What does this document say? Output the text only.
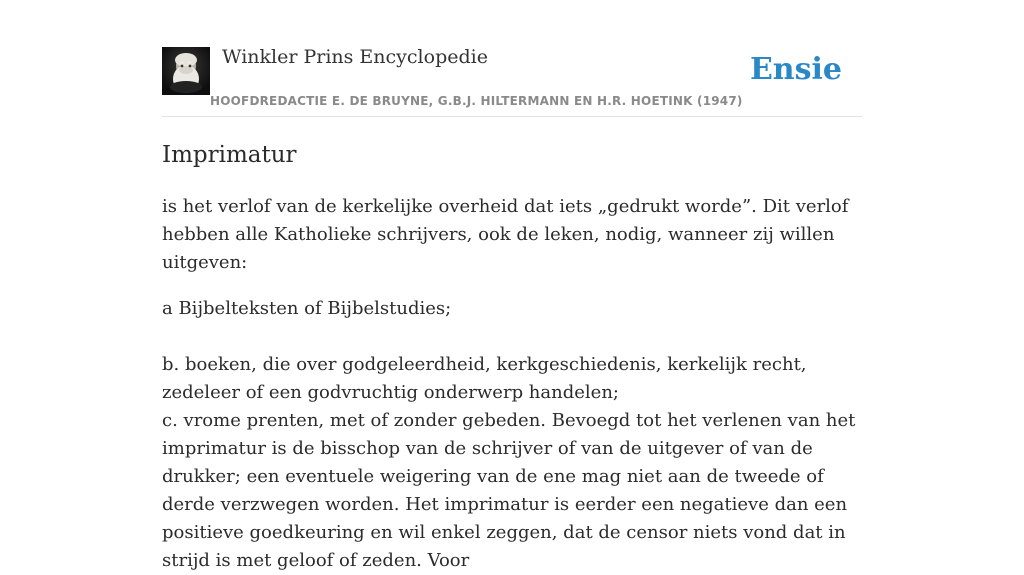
Winkler Prins Encyclopedie
HOOFDREDACTIE E. DE BRUYNE, G.B.J. HILTERMANN EN H.R. HOETINK (1947)
Ensie
Imprimatur

is het verlof van de kerkelijke overheid dat iets „gedrukt worde”. Dit verlof hebben alle Katholieke schrijvers, ook de leken, nodig, wanneer zij willen uitgeven:

a Bijbelteksten of Bijbelstudies;

b. boeken, die over godgeleerdheid, kerkgeschiedenis, kerkelijk recht, zedeleer of een godvruchtig onderwerp handelen;

c. vrome prenten, met of zonder gebeden. Bevoegd tot het verlenen van het imprimatur is de bisschop van de schrijver of van de uitgever of van de drukker; een eventuele weigering van de ene mag niet aan de tweede of derde verzwegen worden. Het imprimatur is eerder een negatieve dan een positieve goedkeuring en wil enkel zeggen, dat de censor niets vond dat in strijd is met geloof of zeden. Voor
